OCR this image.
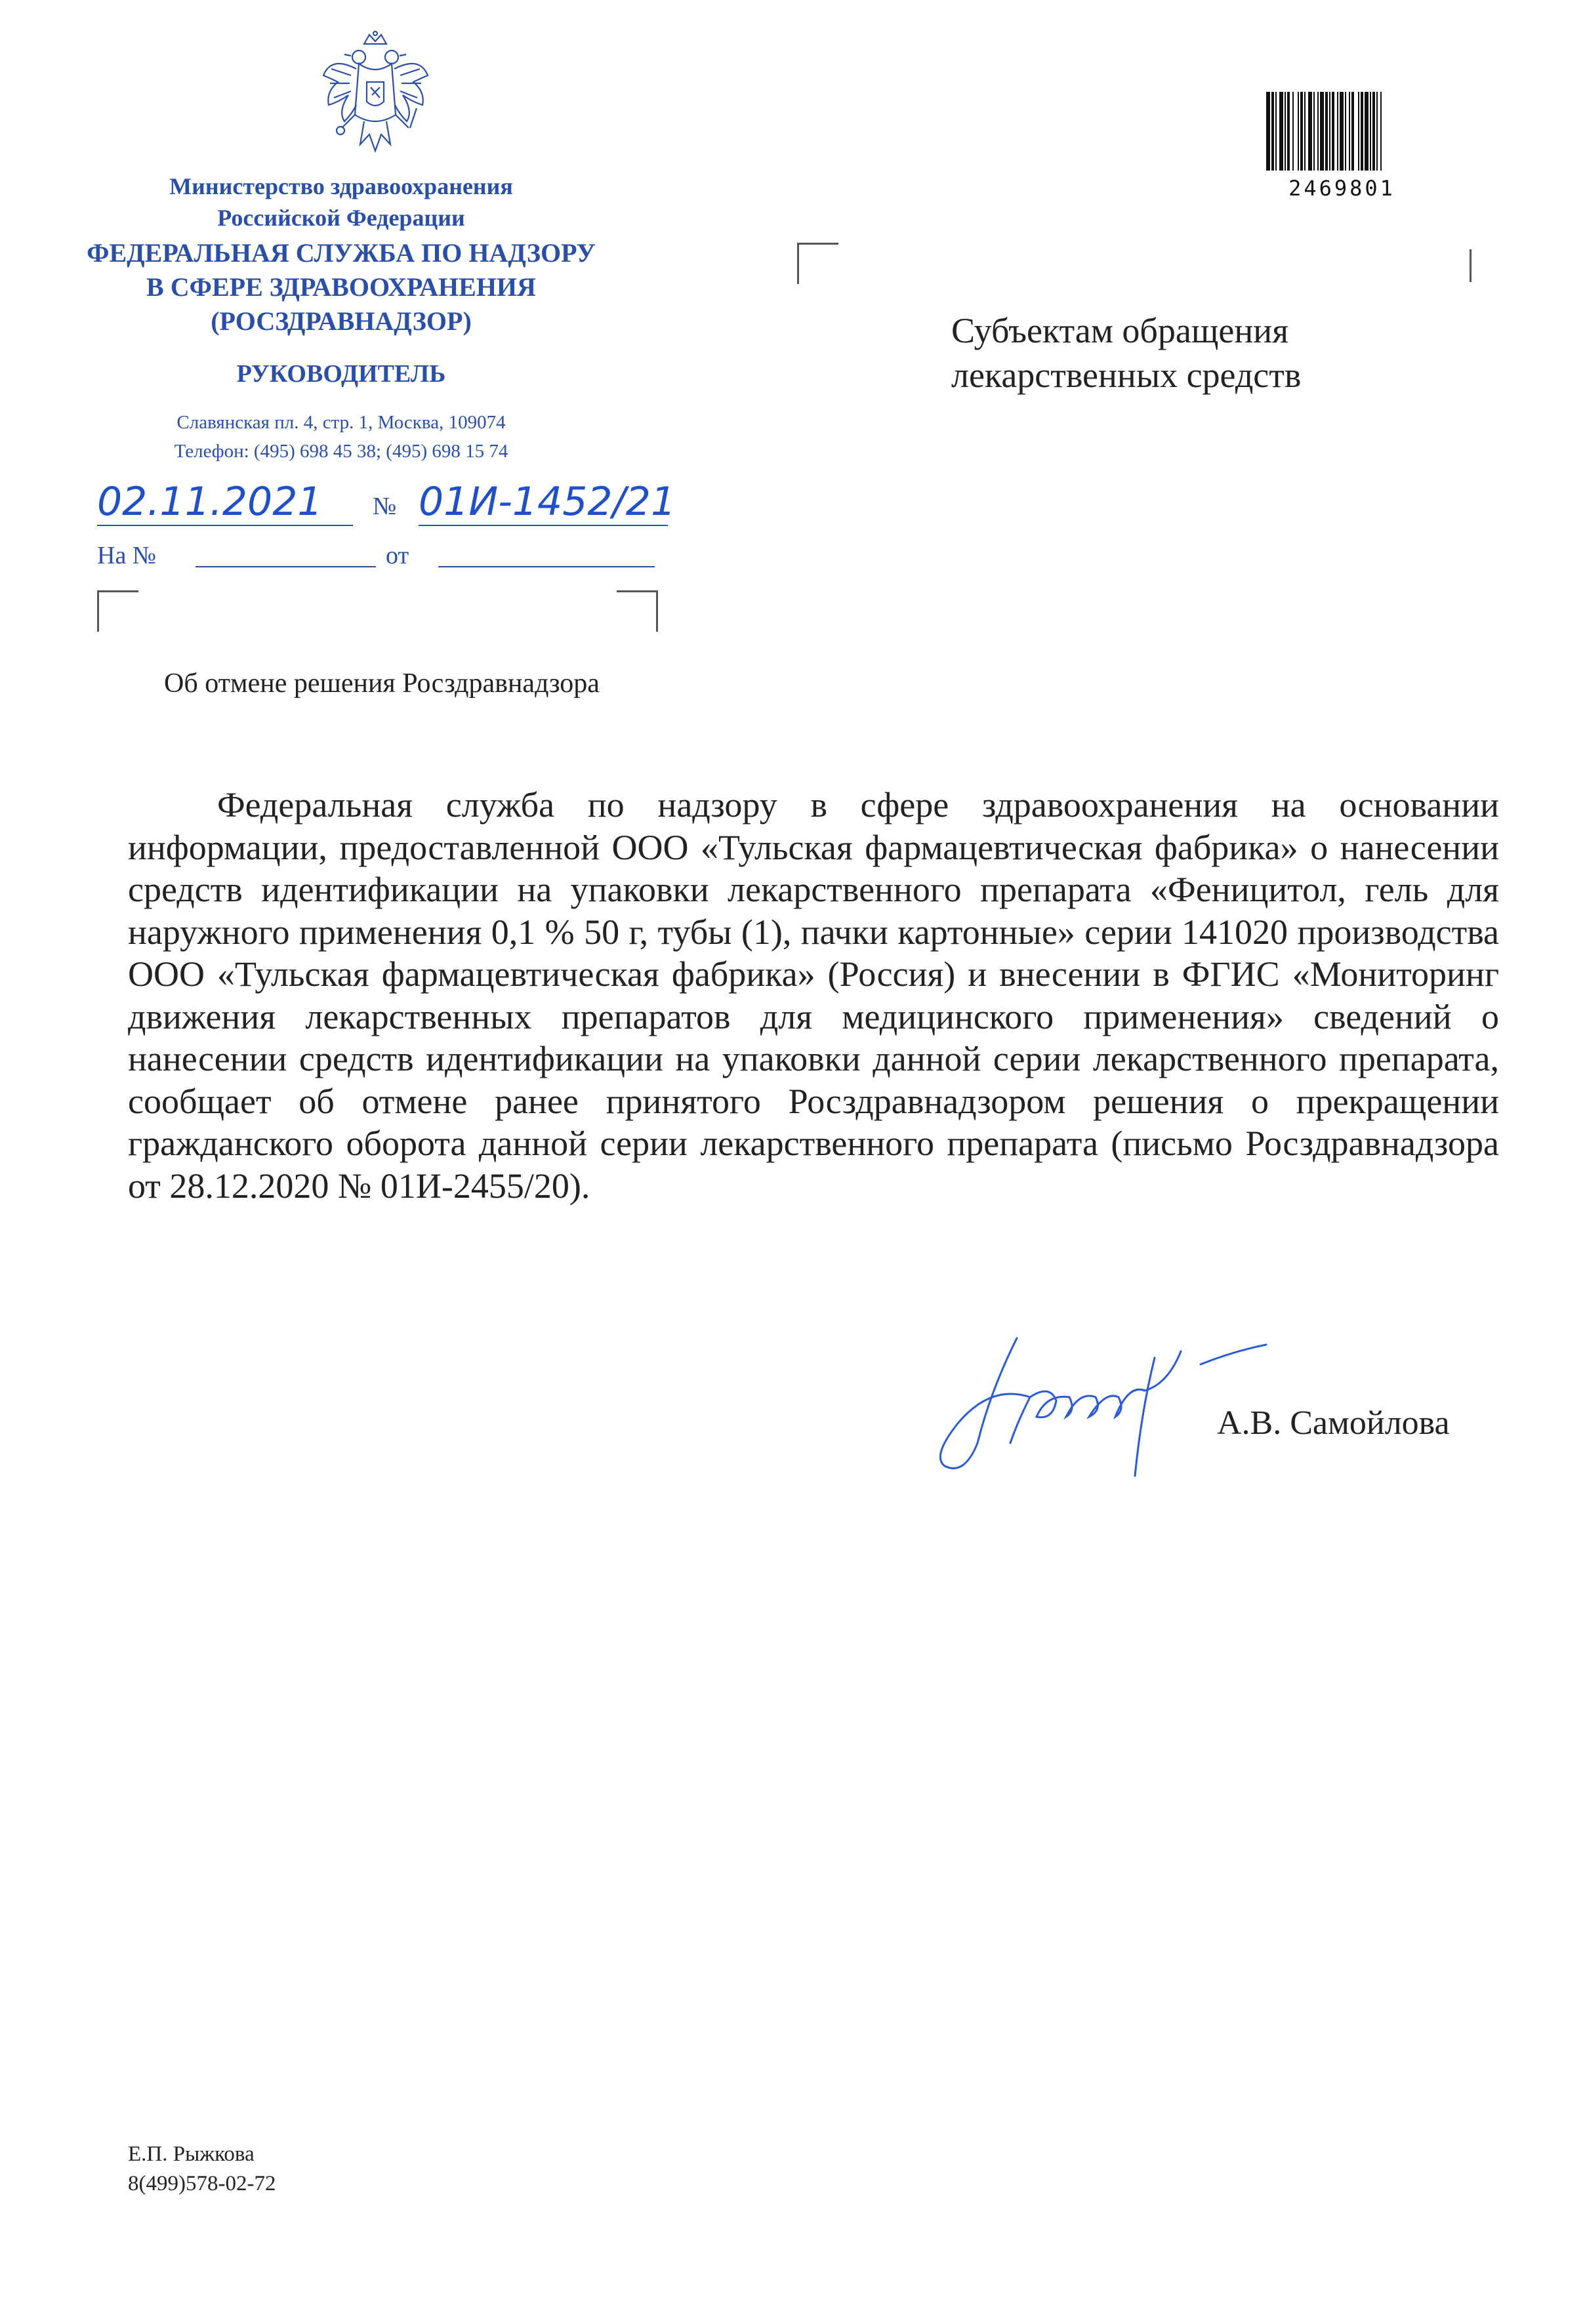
Министерство здравоохранения
Российской Федерации
ФЕДЕРАЛЬНАЯ СЛУЖБА ПО НАДЗОРУ
В СФЕРЕ ЗДРАВООХРАНЕНИЯ
(РОСЗДРАВНАДЗОР)
РУКОВОДИТЕЛЬ
Славянская пл. 4, стр. 1, Москва, 109074
Телефон: (495) 698 45 38; (495) 698 15 74
02.11.2021 № 01И-1452/21
На №	от
2469801
Субъектам обращения
лекарственных средств
Об отмене решения Росздравнадзора

Федеральная служба по надзору в сфере здравоохранения на основании информации, предоставленной ООО «Тульская фармацевтическая фабрика» о нанесении средств идентификации на упаковки лекарственного препарата «Феницитол, гель для наружного применения 0,1 % 50 г, тубы (1), пачки картонные» серии 141020 производства ООО «Тульская фармацевтическая фабрика» (Россия) и внесении в ФГИС «Мониторинг движения лекарственных препаратов для медицинского применения» сведений о нанесении средств идентификации на упаковки данной серии лекарственного препарата, сообщает об отмене ранее принятого Росздравнадзором решения о прекращении гражданского оборота данной серии лекарственного препарата (письмо Росздравнадзора от 28.12.2020 № 01И-2455/20).

А.В. Самойлова
Е.П. Рыжкова
8(499)578-02-72
